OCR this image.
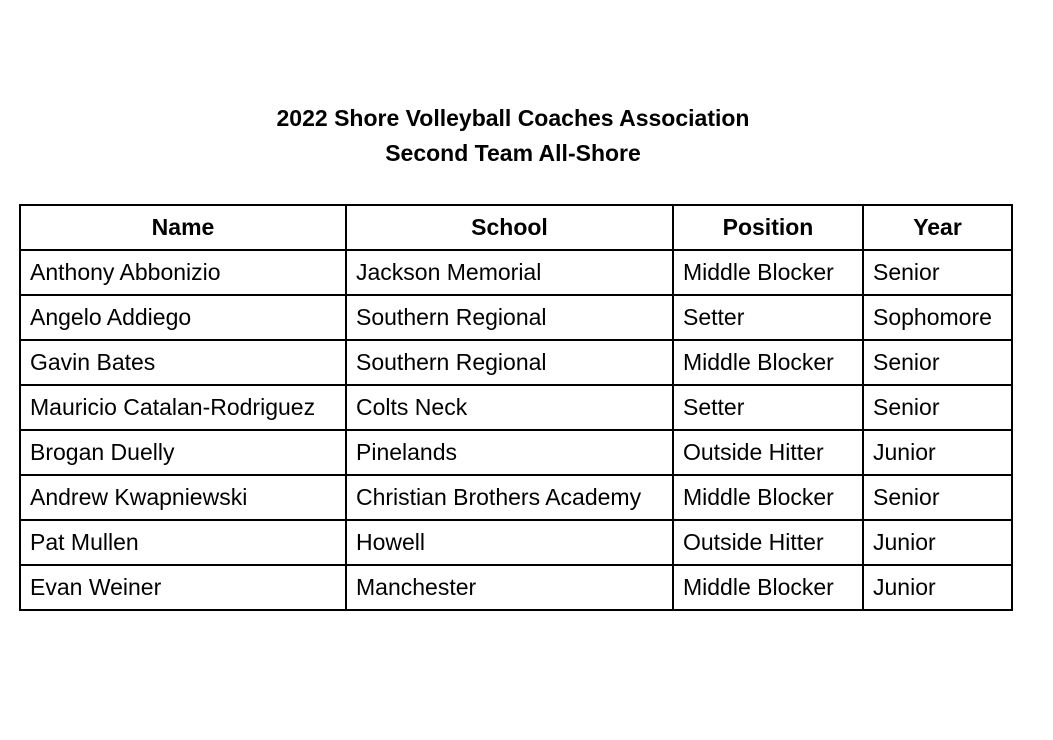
2022 Shore Volleyball Coaches Association
Second Team All-Shore
Name	School	Position	Year
Anthony Abbonizio	Jackson Memorial	Middle Blocker	Senior
Angelo Addiego	Southern Regional	Setter	Sophomore
Gavin Bates	Southern Regional	Middle Blocker	Senior
Mauricio Catalan-Rodriguez	Colts Neck	Setter	Senior
Brogan Duelly	Pinelands	Outside Hitter	Junior
Andrew Kwapniewski	Christian Brothers Academy	Middle Blocker	Senior
Pat Mullen	Howell	Outside Hitter	Junior
Evan Weiner	Manchester	Middle Blocker	Junior
